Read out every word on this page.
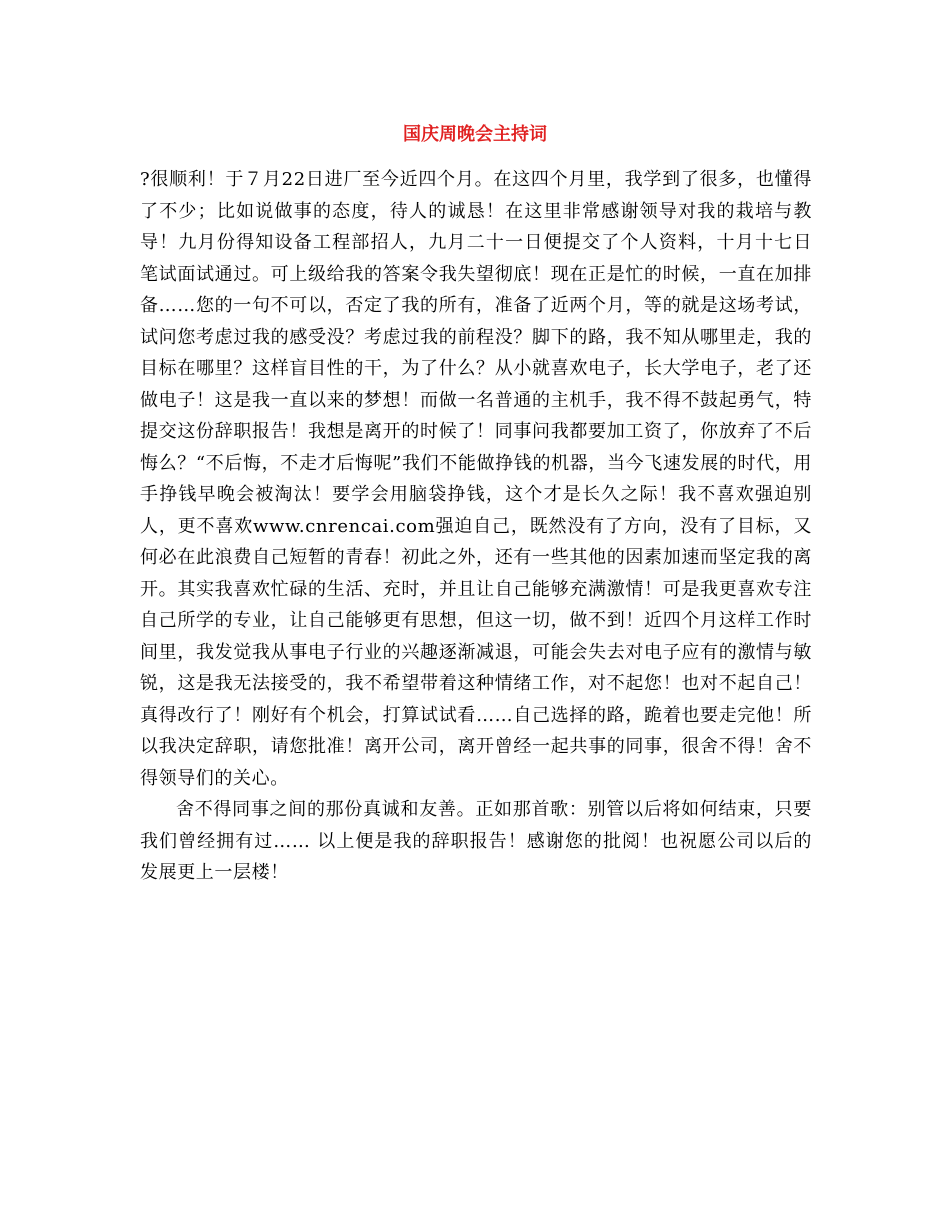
国庆周晚会主持词

?很顺利！于７月22日进厂至今近四个月。在这四个月里，我学到了很多，也懂得了不少；比如说做事的态度，待人的诚恳！在这里非常感谢领导对我的栽培与教导！九月份得知设备工程部招人，九月二十一日便提交了个人资料，十月十七日 笔试面试通过。可上级给我的答案令我失望彻底！现在正是忙的时候，一直在加排备……您的一句不可以，否定了我的所有，准备了近两个月，等的就是这场考试，试问您考虑过我的感受没？考虑过我的前程没？脚下的路，我不知从哪里走，我的目标在哪里？这样盲目性的干，为了什么？从小就喜欢电子，长大学电子，老了还做电子！这是我一直以来的梦想！而做一名普通的主机手，我不得不鼓起勇气，特提交这份辞职报告！我想是离开的时候了！同事问我都要加工资了，你放弃了不后悔么？“不后悔，不走才后悔呢”我们不能做挣钱的机器，当今飞速发展的时代，用手挣钱早晚会被淘汰！要学会用脑袋挣钱，这个才是长久之际！我不喜欢强迫别人，更不喜欢www.cnrencai.com强迫自己，既然没有了方向，没有了目标，又何必在此浪费自己短暂的青春！初此之外，还有一些其他的因素加速而坚定我的离开。其实我喜欢忙碌的生活、充时，并且让自己能够充满激情！可是我更喜欢专注自己所学的专业，让自己能够更有思想，但这一切，做不到！近四个月这样工作时间里，我发觉我从事电子行业的兴趣逐渐减退，可能会失去对电子应有的激情与敏锐，这是我无法接受的，我不希望带着这种情绪工作，对不起您！也对不起自己！真得改行了！刚好有个机会，打算试试看……自己选择的路，跪着也要走完他！所以我决定辞职，请您批准！离开公司，离开曾经一起共事的同事，很舍不得！舍不得领导们的关心。

舍不得同事之间的那份真诚和友善。正如那首歌：别管以后将如何结束，只要我们曾经拥有过…… 以上便是我的辞职报告！感谢您的批阅！也祝愿公司以后的发展更上一层楼！
